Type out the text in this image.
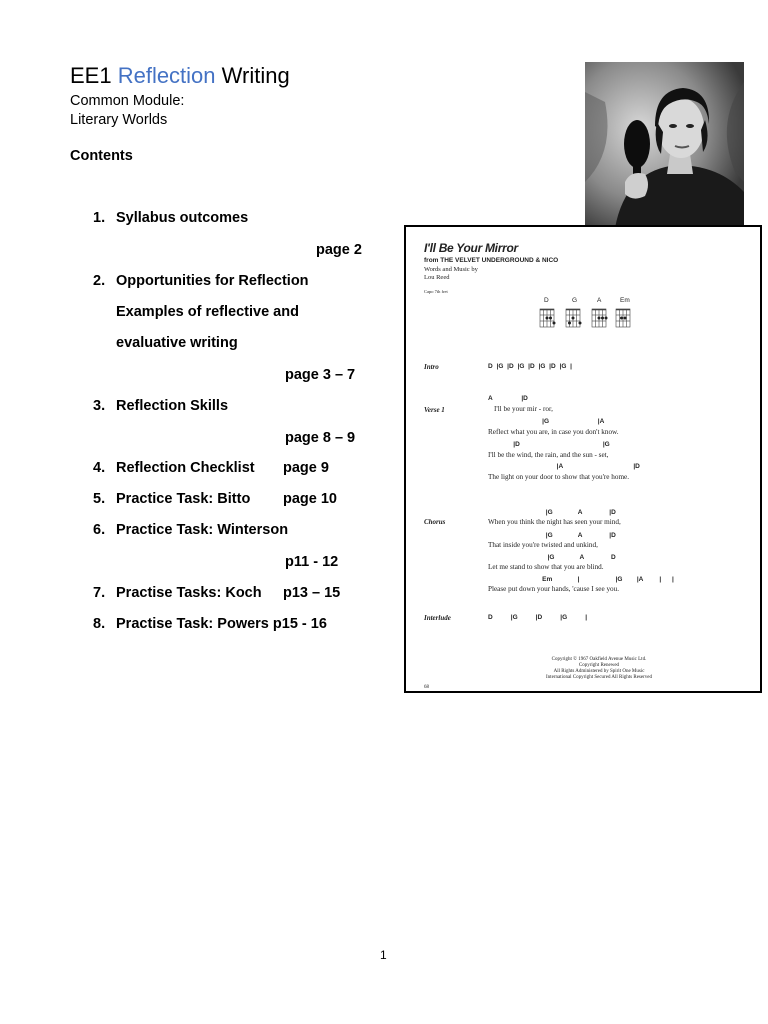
EE1 Reflection Writing
Common Module:
Literary Worlds
Contents
1. Syllabus outcomes
page 2
2. Opportunities for Reflection
Examples of reflective and
evaluative writing
page 3 – 7
3. Reflection Skills
page 8 – 9
4. Reflection Checklist page 9
5. Practice Task: Bitto page 10
6. Practice Task: Winterson
p11 - 12
7. Practise Tasks: Koch p13 – 15
8. Practise Task: Powers p15 - 16
I'll Be Your Mirror
from THE VELVET UNDERGROUND & NICO
Words and Music by
Lou Reed
Capo 7th fret
D	G	A	Em
Intro	D |G |D |G |D |G |D |G |
Verse 1
A                |D
I'll be your mir - ror,
|G                           |A
Reflect what you are, in case you don't know.
|D                                              |G
I'll be the wind, the rain, and the sun - set,
|A                                       |D
The light on your door to show that you're home.
Chorus
|G              A               |D
When you think the night has seen your mind,
|G              A               |D
That inside you're twisted and unkind,
|G              A               D
Let me stand to show that you are blind.
Em              |                    |G        |A         |      |
Please put down your hands, 'cause I see you.
Interlude	D          |G          |D          |G          |
Copyright © 1967 Oakfield Avenue Music Ltd.
Copyright Renewed
All Rights Administered by Spirit One Music
International Copyright Secured All Rights Reserved
68
1
